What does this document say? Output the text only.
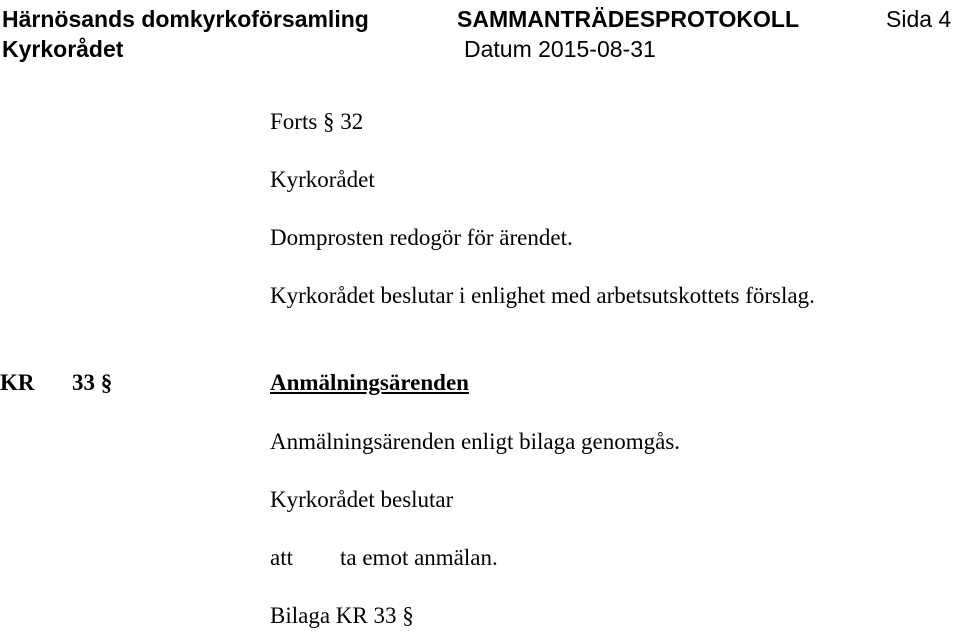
Härnösands domkyrkoförsamling
Kyrkorådet
SAMMANTRÄDESPROTOKOLL
Datum 2015-08-31
Sida 4
Forts § 32
Kyrkorådet
Domprosten redogör för ärendet.
Kyrkorådet beslutar i enlighet med arbetsutskottets förslag.
KR 33 §	Anmälningsärenden
Anmälningsärenden enligt bilaga genomgås.
Kyrkorådet beslutar
att ta emot anmälan.
Bilaga KR 33 §
